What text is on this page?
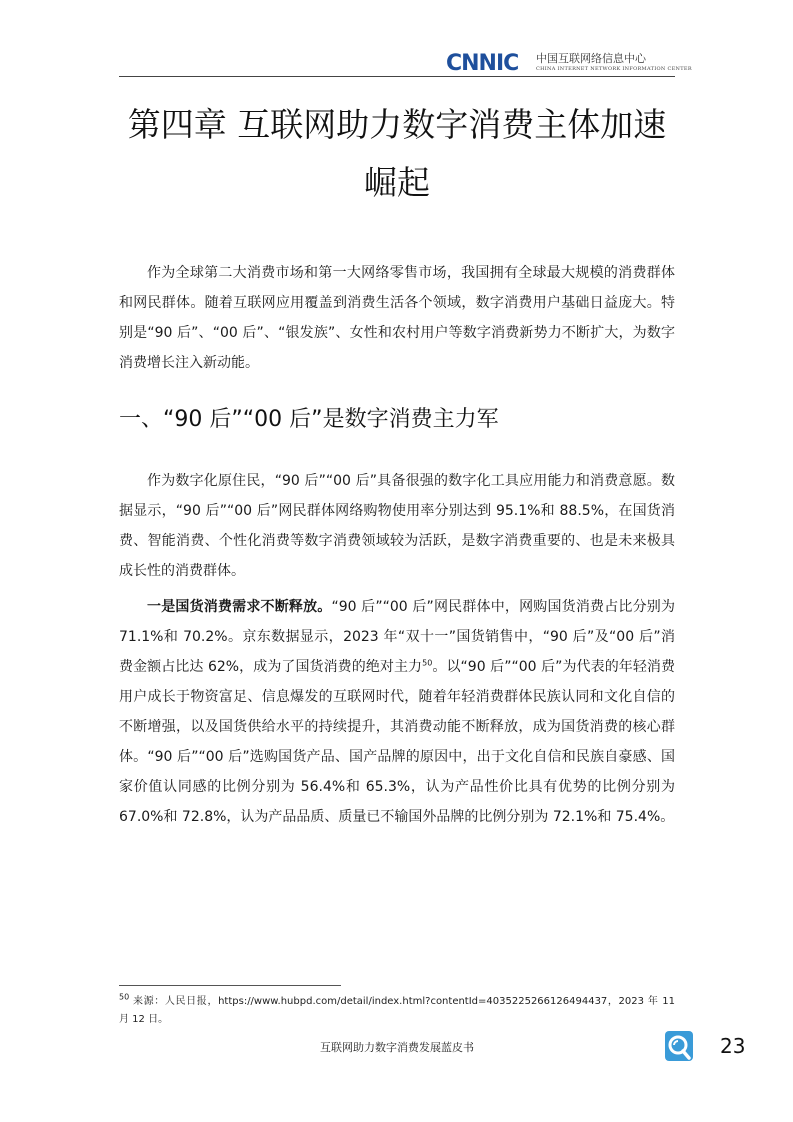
CNNIC 中国互联网络信息中心
CHINA INTERNET NETWORK INFORMATION CENTER
第四章 互联网助力数字消费主体加速崛起
作为全球第二大消费市场和第一大网络零售市场，我国拥有全球最大规模的消费群体和网民群体。随着互联网应用覆盖到消费生活各个领域，数字消费用户基础日益庞大。特别是“90 后”、“00 后”、“银发族”、女性和农村用户等数字消费新势力不断扩大，为数字消费增长注入新动能。
一、“90 后”“00 后”是数字消费主力军
作为数字化原住民，“90 后”“00 后”具备很强的数字化工具应用能力和消费意愿。数据显示，“90 后”“00 后”网民群体网络购物使用率分别达到 95.1%和 88.5%，在国货消费、智能消费、个性化消费等数字消费领域较为活跃，是数字消费重要的、也是未来极具成长性的消费群体。
一是国货消费需求不断释放。“90 后”“00 后”网民群体中，网购国货消费占比分别为 71.1%和 70.2%。京东数据显示，2023 年“双十一”国货销售中，“90 后”及“00 后”消费金额占比达 62%，成为了国货消费的绝对主力$^{50}$。以“90 后”“00 后”为代表的年轻消费用户成长于物资富足、信息爆发的互联网时代，随着年轻消费群体民族认同和文化自信的不断增强，以及国货供给水平的持续提升，其消费动能不断释放，成为国货消费的核心群体。“90 后”“00 后”选购国货产品、国产品牌的原因中，出于文化自信和民族自豪感、国家价值认同感的比例分别为 56.4%和 65.3%，认为产品性价比具有优势的比例分别为 67.0%和 72.8%，认为产品品质、质量已不输国外品牌的比例分别为 72.1%和 75.4%。
$^{50}$ 来源：人民日报，https://www.hubpd.com/detail/index.html?contentId=4035225266126494437，2023 年 11 月 12 日。
互联网助力数字消费发展蓝皮书	23
